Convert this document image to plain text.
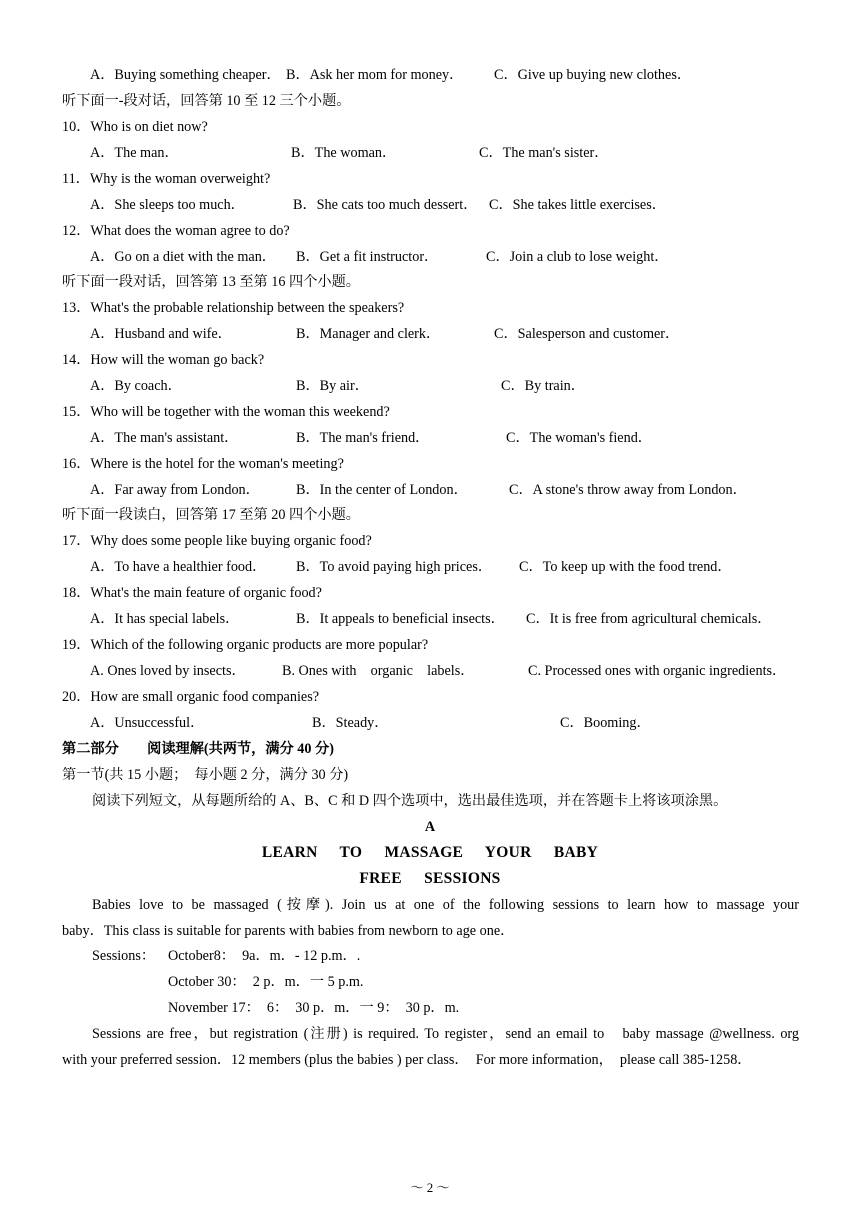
A．Buying something cheaper． B．Ask her mom for money． C．Give up buying new clothes．
听下面一-段对话，回答第 10 至 12 三个小题。
10．Who is on diet now?
A．The man．	B．The woman．	C．The man's sister．
11．Why is the woman overweight?
A．She sleeps too much．	B．She cats too much dessert． C．She takes little exercises．
12．What does the woman agree to do?
A．Go on a diet with the man． B．Get a fit instructor．	C．Join a club to lose weight．
听下面一段对话，回答第 13 至第 16 四个小题。
13．What's the probable relationship between the speakers?
A．Husband and wife．	B．Manager and clerk．	C．Salesperson and customer．
14．How will the woman go back?
A．By coach．	B．By air．	C．By train．
15．Who will be together with the woman this weekend?
A．The man's assistant．	B．The man's friend．	C．The woman's fiend．
16．Where is the hotel for the woman's meeting?
A．Far away from London．	B．In the center of London．	C．A stone's throw away from London．
听下面一段读白，回答第 17 至第 20 四个小题。
17．Why does some people like buying organic food?
A．To have a healthier food． B．To avoid paying high prices． C．To keep up with the food trend．
18．What's the main feature of organic food?
A．It has special labels．	B．It appeals to beneficial insects． C．It is free from agricultural chemicals．
19．Which of the following organic products are more popular?
A. Ones loved by insects．	B. Ones with　organic　labels．	C. Processed ones with organic ingredients．
20．How are small organic food companies?
A．Unsuccessful．	B．Steady．	C．Booming．
第二部分　　阅读理解(共两节，满分 40 分)
第一节(共 15 小题；　每小题 2 分，满分 30 分)
阅读下列短文，从每题所给的 A、B、C 和 D 四个选项中，选出最佳选项，并在答题卡上将该项涂黑。
A
LEARN TO MASSAGE YOUR BABY
FREE SESSIONS
Babies love to be massaged (按摩). Join us at one of the following sessions to learn how to massage your
baby．This class is suitable for parents with babies from newborn to age one．
Sessions： October8：　9a．m．- 12 p.m．.
October 30：　2 p．m．一 5 p.m.
November 17：　6：　30 p．m．一 9：　30 p．m.
Sessions are free，but registration (注册) is required. To register，send an email to　baby massage @wellness. org
with your preferred session．12 members (plus the babies ) per class．　For more information，　please call 385-1258．
～ 2 ～
